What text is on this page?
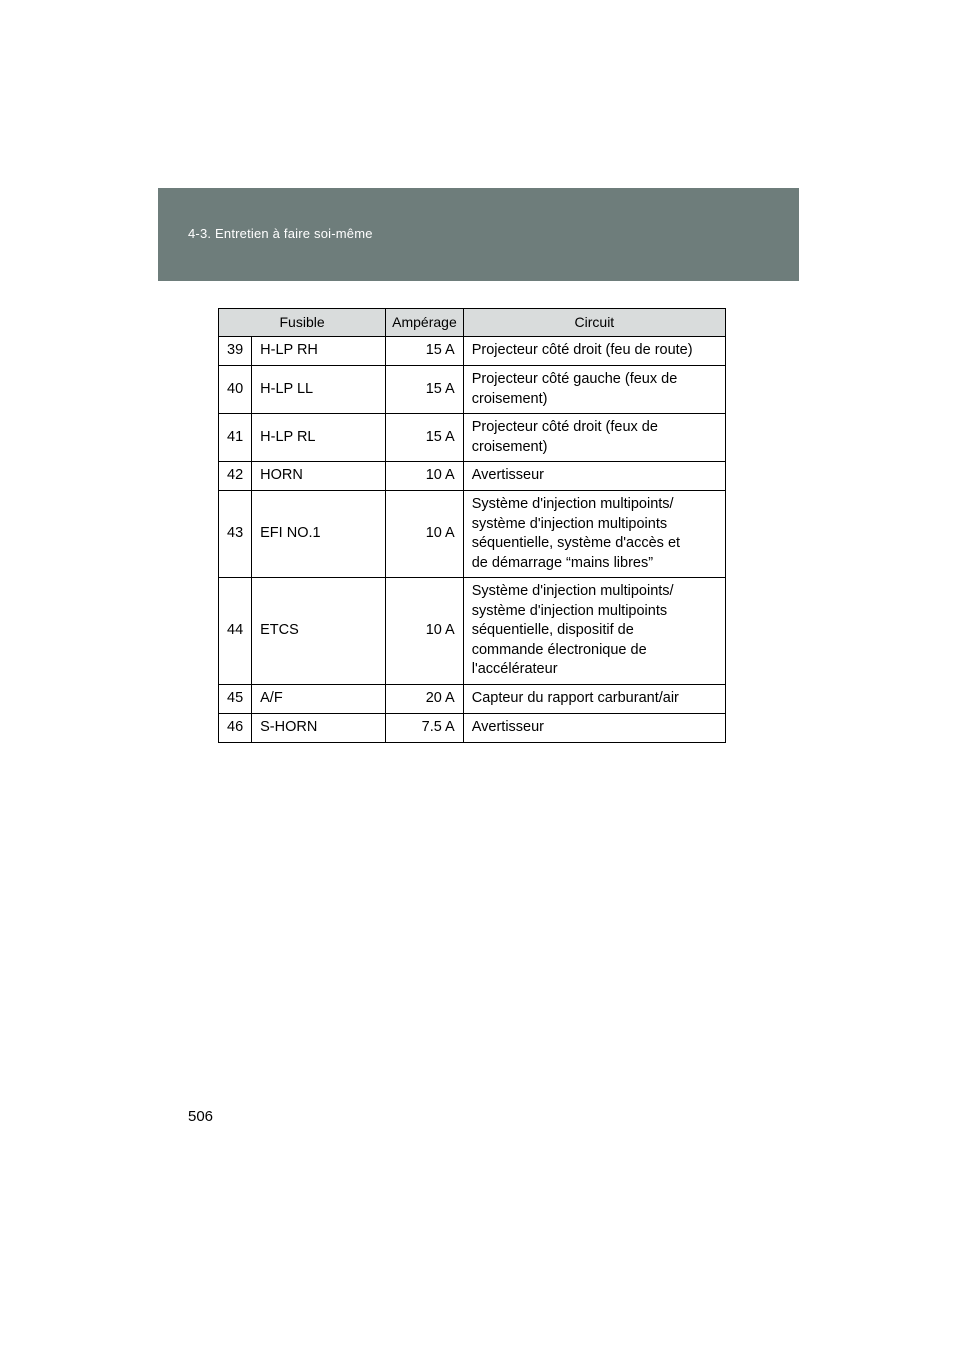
4-3. Entretien à faire soi-même
Fusible		Ampérage	Circuit
39	H-LP RH	15 A	Projecteur côté droit (feu de route)
40	H-LP LL	15 A	Projecteur côté gauche (feux de
croisement)
41	H-LP RL	15 A	Projecteur côté droit (feux de
croisement)
42	HORN	10 A	Avertisseur
43	EFI NO.1	10 A	Système d'injection multipoints/
système d'injection multipoints
séquentielle, système d'accès et
de démarrage “mains libres”
44	ETCS	10 A	Système d'injection multipoints/
système d'injection multipoints
séquentielle, dispositif de
commande électronique de
l'accélérateur
45	A/F	20 A	Capteur du rapport carburant/air
46	S-HORN	7.5 A	Avertisseur
506
